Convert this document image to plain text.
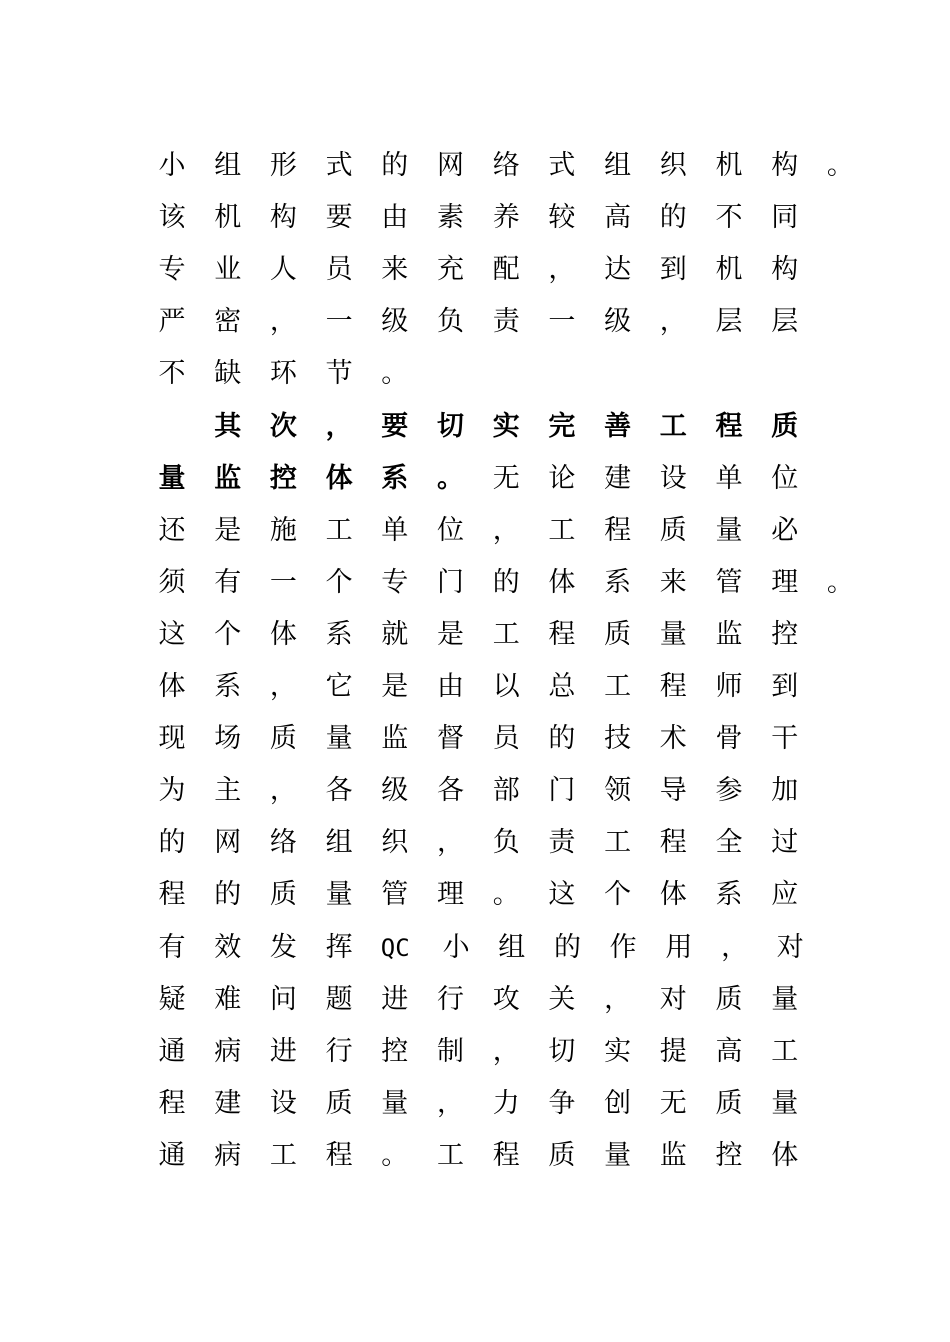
小 组 形 式 的 网 络 式 组 织 机 构 。
该 机 构 要 由 素 养 较 高 的 不 同
专 业 人 员 来 充 配 ， 达 到 机 构
严 密 ， 一 级 负 责 一 级 ， 层 层
不 缺 环 节 。

其 次 ， 要 切 实 完 善 工 程 质
量 监 控 体 系 。 无 论 建 设 单 位
还 是 施 工 单 位 ， 工 程 质 量 必
须 有 一 个 专 门 的 体 系 来 管 理 。
这 个 体 系 就 是 工 程 质 量 监 控
体 系 ， 它 是 由 以 总 工 程 师 到
现 场 质 量 监 督 员 的 技 术 骨 干
为 主 ， 各 级 各 部 门 领 导 参 加
的 网 络 组 织 ， 负 责 工 程 全 过
程 的 质 量 管 理 。 这 个 体 系 应
有 效 发 挥 QC 小 组 的 作 用 ， 对
疑 难 问 题 进 行 攻 关 ， 对 质 量
通 病 进 行 控 制 ， 切 实 提 高 工
程 建 设 质 量 ， 力 争 创 无 质 量
通 病 工 程 。 工 程 质 量 监 控 体
